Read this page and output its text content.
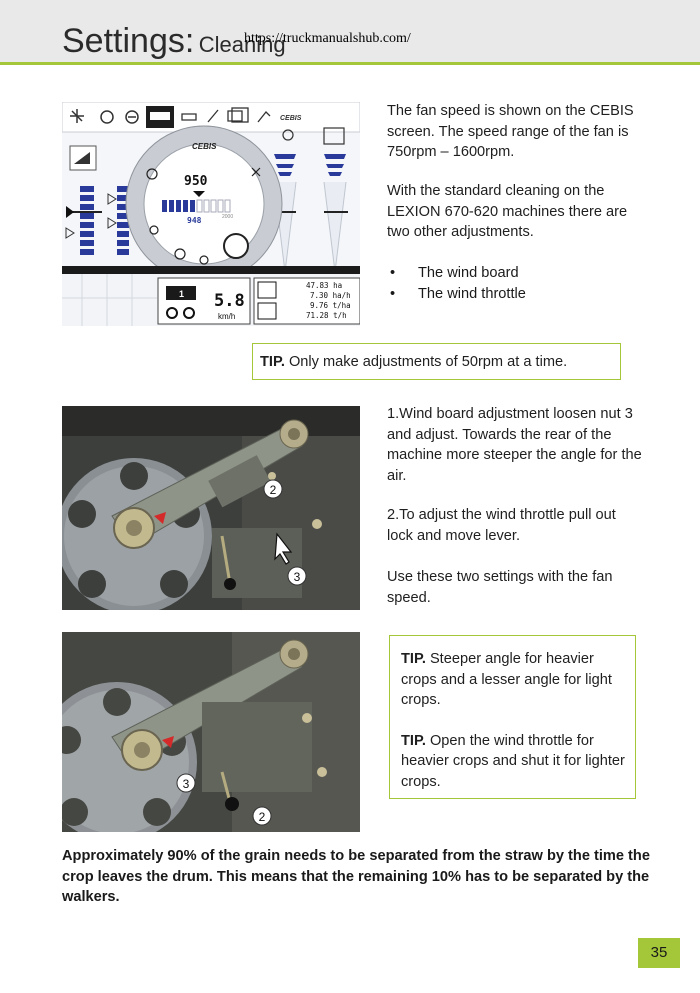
Settings: Cleaning
https://truckmanualshub.com/
CEBIS
CEBIS
950
948	2000
1 5.8
km/h
47.83 ha 7.30 ha/h 9.76 t/ha 71.28 t/h
The fan speed is shown on the CEBIS screen. The speed range of the fan is 750rpm – 1600rpm.
With the standard cleaning on the LEXION 670-620 machines there are two other adjustments.
• The wind board
• The wind throttle
TIP. Only make adjustments of 50rpm at a time.
2
3
1.Wind board adjustment loosen nut 3 and adjust. Towards the rear of the machine more steeper the angle for the air.
2.To adjust the wind throttle pull out lock and move lever.
Use these two settings with the fan speed.
3
2
TIP. Steeper angle for heavier crops and a lesser angle for light crops.
TIP. Open the wind throttle for heavier crops and shut it for lighter crops.
Approximately 90% of the grain needs to be separated from the straw by the time the crop leaves the drum. This means that the remaining 10% has to be separated by the walkers.
35
